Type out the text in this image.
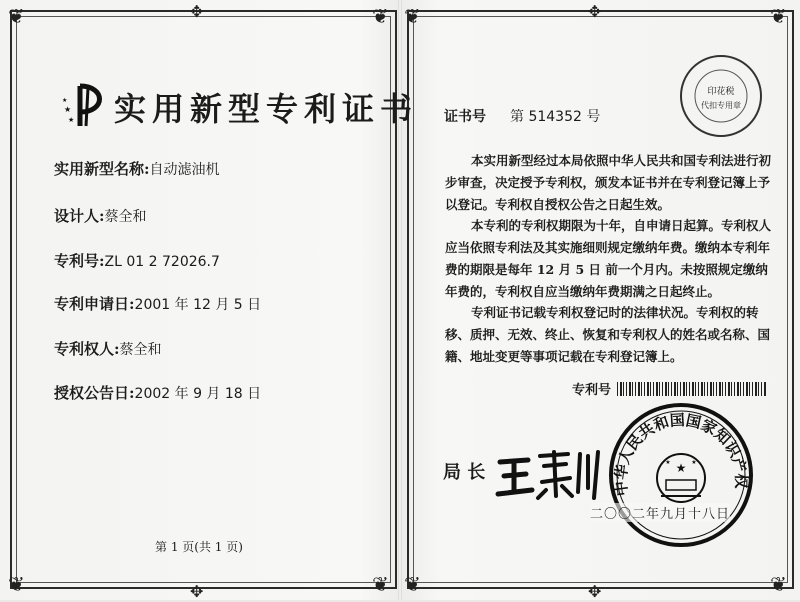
❦	❦
❦	❦
❦	❦
❦	❦
✥	✥
✥	✥
★
★
★ 实用新型专利证书
实用新型名称:自动滤油机
设计人:蔡全和
专利号:ZL 01 2 72026.7
专利申请日:2001 年 12 月 5 日
专利权人:蔡全和
授权公告日:2002 年 9 月 18 日
第 1 页(共 1 页)
印花税
代扣专用章
证书号 第 514352 号
本实用新型经过本局依照中华人民共和国专利法进行初步审查，决定授予专利权，颁发本证书并在专利登记簿上予以登记。专利权自授权公告之日起生效。
本专利的专利权期限为十年，自申请日起算。专利权人应当依照专利法及其实施细则规定缴纳年费。缴纳本专利年费的期限是每年 12 月 5 日 前一个月内。未按照规定缴纳年费的，专利权自应当缴纳年费期满之日起终止。
专利证书记载专利权登记时的法律状况。专利权的转移、质押、无效、终止、恢复和专利权人的姓名或名称、国籍、地址变更等事项记载在专利登记簿上。
专利号
局 长
中华人民共和国国家知识产权
★
★	★
二〇〇二年九月十八日
